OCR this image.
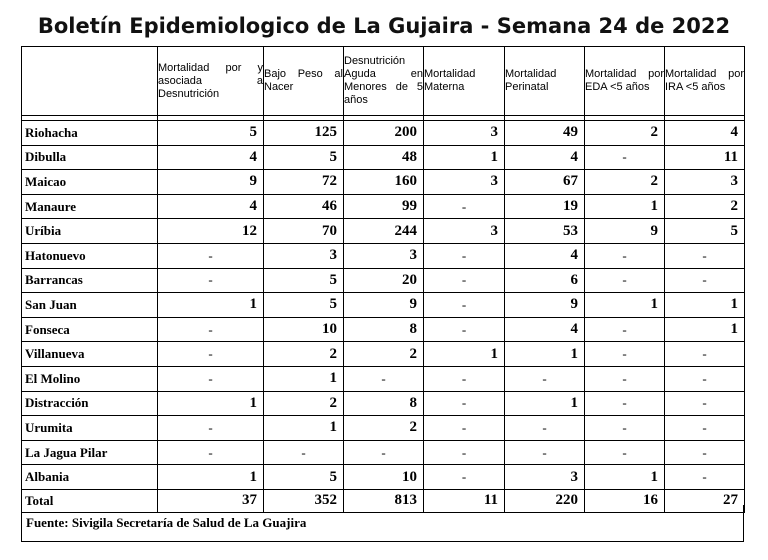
Boletín Epidemiologico de La Gujaira - Semana 24 de 2022
	Mortalidad por y asociada a Desnutrición	Bajo Peso al Nacer	Desnutrición Aguda en Menores de 5 años	Mortalidad Materna	Mortalidad Perinatal	Mortalidad por EDA <5 años	Mortalidad por IRA <5 años

Riohacha	5	125	200	3	49	2	4
Dibulla	4	5	48	1	4	-	11
Maicao	9	72	160	3	67	2	3
Manaure	4	46	99	-	19	1	2
Uríbia	12	70	244	3	53	9	5
Hatonuevo	-	3	3	-	4	-	-
Barrancas	-	5	20	-	6	-	-
San Juan	1	5	9	-	9	1	1
Fonseca	-	10	8	-	4	-	1
Villanueva	-	2	2	1	1	-	-
El Molino	-	1	-	-	-	-	-
Distracción	1	2	8	-	1	-	-
Urumita	-	1	2	-	-	-	-
La Jagua Pilar	-	-	-	-	-	-	-
Albania	1	5	10	-	3	1	-
Total	37	352	813	11	220	16	27
Fuente: Sivigila Secretaría de Salud de La Guajira
